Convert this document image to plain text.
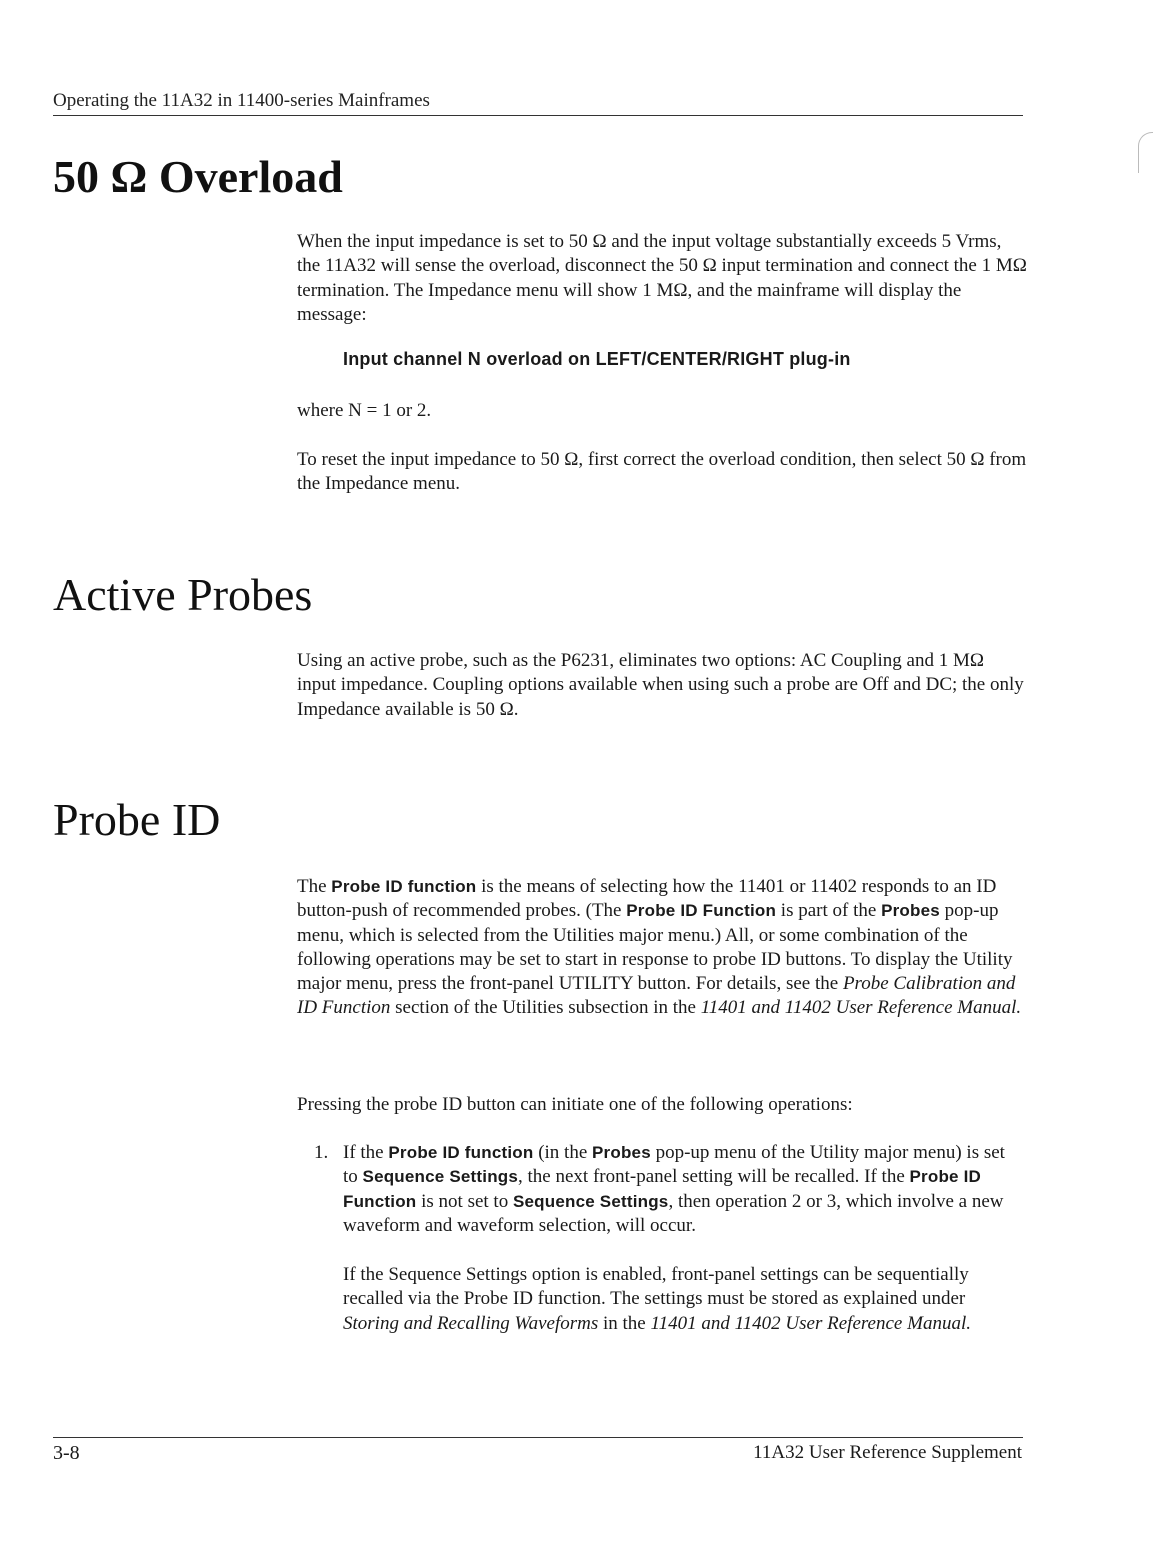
Operating the 11A32 in 11400-series Mainframes
50 Ω Overload

When the input impedance is set to 50 Ω and the input voltage substantially exceeds 5 Vrms, the 11A32 will sense the overload, disconnect the 50 Ω input termination and connect the 1 MΩ termination. The Impedance menu will show 1 MΩ, and the mainframe will display the message:

Input channel N overload on LEFT/CENTER/RIGHT plug-in

where N = 1 or 2.

To reset the input impedance to 50 Ω, first correct the overload condition, then select 50 Ω from the Impedance menu.

Active Probes

Using an active probe, such as the P6231, eliminates two options: AC Coupling and 1 MΩ input impedance. Coupling options available when using such a probe are Off and DC; the only Impedance available is 50 Ω.

Probe ID

The Probe ID function is the means of selecting how the 11401 or 11402 responds to an ID button-push of recommended probes. (The Probe ID Function is part of the Probes pop-up menu, which is selected from the Utilities major menu.) All, or some combination of the following operations may be set to start in response to probe ID buttons. To display the Utility major menu, press the front-panel UTILITY button. For details, see the Probe Calibration and ID Function section of the Utilities subsection in the 11401 and 11402 User Reference Manual.

Pressing the probe ID button can initiate one of the following operations:

1. If the Probe ID function (in the Probes pop-up menu of the Utility major menu) is set to Sequence Settings, the next front-panel setting will be recalled. If the Probe ID Function is not set to Sequence Settings, then operation 2 or 3, which involve a new waveform and waveform selection, will occur.

If the Sequence Settings option is enabled, front-panel settings can be sequentially recalled via the Probe ID function. The settings must be stored as explained under Storing and Recalling Waveforms in the 11401 and 11402 User Reference Manual.

3-8	11A32 User Reference Supplement
